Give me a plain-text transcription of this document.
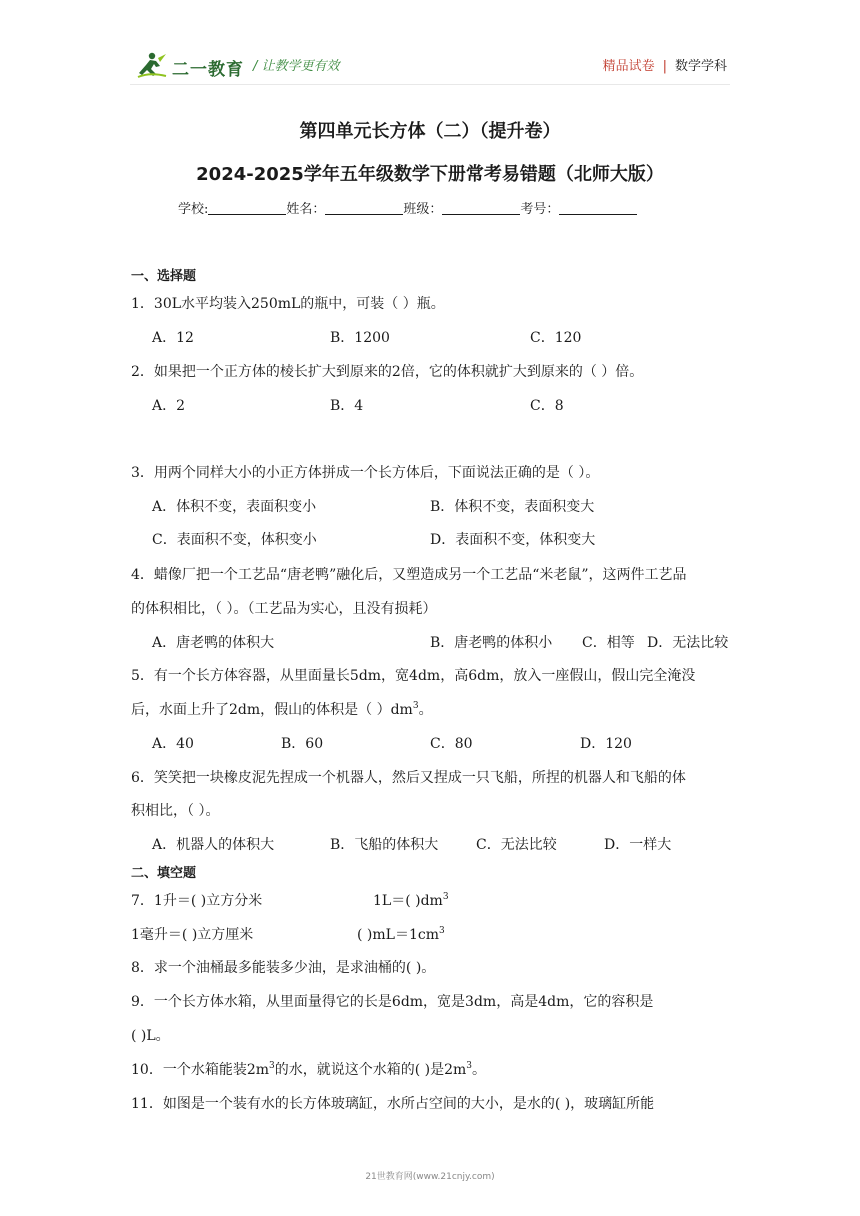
二一教育 / 让教学更有效	精品试卷 | 数学学科
第四单元长方体（二）（提升卷）
2024-2025学年五年级数学下册常考易错题（北师大版）
学校:	姓名：	班级：	考号：
一、选择题
1．30L水平均装入250mL的瓶中，可装（ ）瓶。
A．12	B．1200	C．120
2．如果把一个正方体的棱长扩大到原来的2倍，它的体积就扩大到原来的（ ）倍。
A．2	B．4	C．8
3．用两个同样大小的小正方体拼成一个长方体后，下面说法正确的是（ ）。
A．体积不变，表面积变小	B．体积不变，表面积变大
C．表面积不变，体积变小	D．表面积不变，体积变大
4．蜡像厂把一个工艺品“唐老鸭”融化后，又塑造成另一个工艺品“米老鼠”，这两件工艺品
的体积相比，（ ）。（工艺品为实心，且没有损耗）
A．唐老鸭的体积大	B．唐老鸭的体积小 C．相等 D．无法比较
5．有一个长方体容器，从里面量长5dm，宽4dm，高6dm，放入一座假山，假山完全淹没
后，水面上升了2dm，假山的体积是（ ）$dm^3$。
A．40	B．60	C．80	D．120
6．笑笑把一块橡皮泥先捏成一个机器人，然后又捏成一只飞船，所捏的机器人和飞船的体
积相比，（ ）。
A．机器人的体积大	B．飞船的体积大	C．无法比较	D．一样大
二、填空题
7．1升＝( )立方分米	1L＝( )$dm^3$
1毫升＝( )立方厘米	( )$mL=1cm^3$
8．求一个油桶最多能装多少油，是求油桶的( )。
9．一个长方体水箱，从里面量得它的长是6dm，宽是3dm，高是4dm，它的容积是
( )L。
10．一个水箱能装$2m^3$的水，就说这个水箱的( )是$2m^3$。
11．如图是一个装有水的长方体玻璃缸，水所占空间的大小，是水的( )，玻璃缸所能
21世教育网(www.21cnjy.com)
